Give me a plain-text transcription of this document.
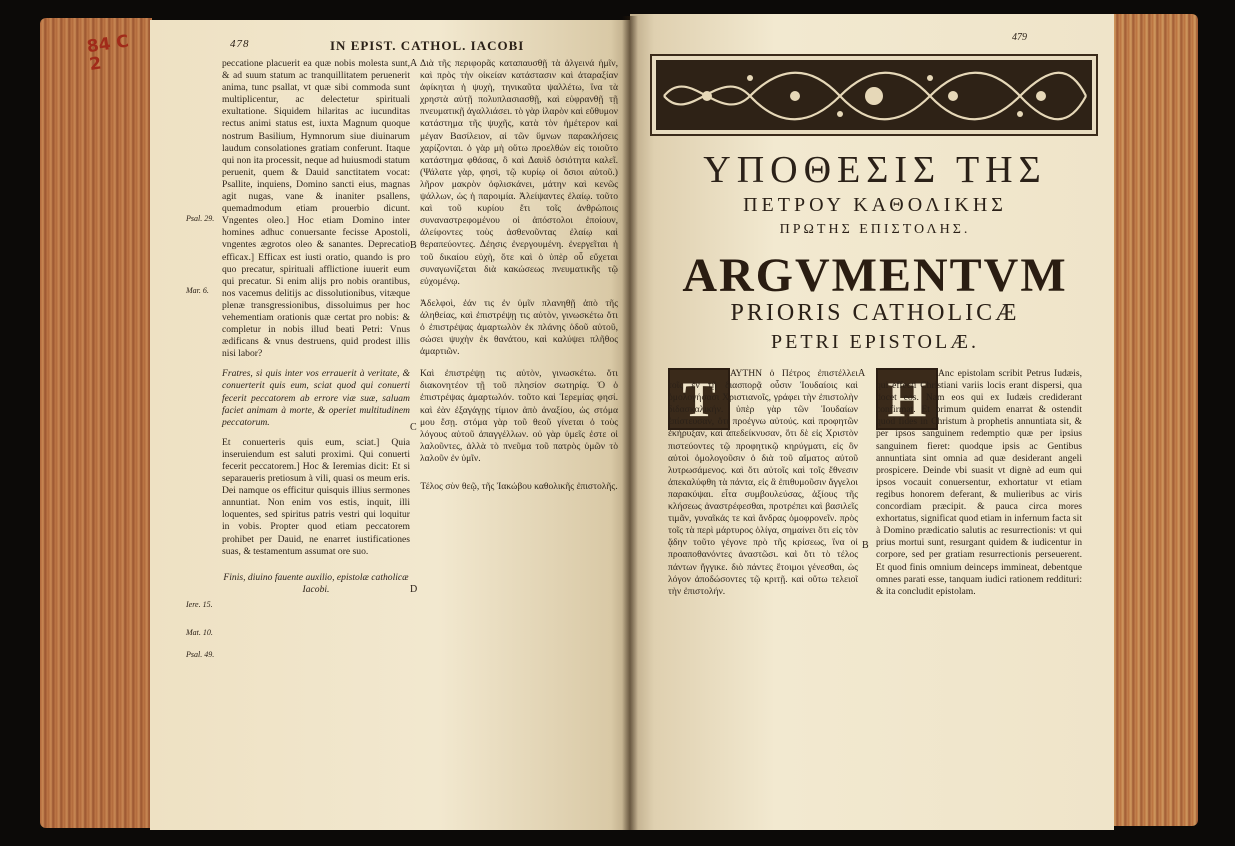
84 C
2
478	IN EPIST. CATHOL. IACOBI

peccatione placuerit ea quæ nobis molesta sunt, & ad suum statum ac tranquillitatem peruenerit anima, tunc psallat, vt quæ sibi commoda sunt multiplicentur, ac delectetur spirituali exultatione. Siquidem hilaritas ac iucunditas rectus animi status est, iuxta Magnum quoque nostrum Basilium, Hymnorum siue diuinarum laudum consolationes gratiam conferunt. Itaque qui non ita processit, neque ad huiusmodi statum peruenit, quem & Dauid sanctitatem vocat: Psallite, inquiens, Domino sancti eius, magnas agit nugas, vane & inaniter psallens, quemadmodum etiam prouerbio dicunt. Vngentes oleo.] Hoc etiam Domino inter homines adhuc conuersante fecisse Apostoli, vngentes ægrotos oleo & sanantes. Deprecatio efficax.] Efficax est iusti oratio, quando is pro quo precatur, spirituali afflictione iuuerit eum qui precatur. Si enim alijs pro nobis orantibus, nos vacemus delitijs ac dissolutionibus, vitæque plenæ transgressionibus, dissoluimus per hoc vehementiam orationis quæ certat pro nobis: & completur in nobis illud beati Petri: Vnus ædificans & vnus destruens, quid prodest illis nisi labor?

Fratres, si quis inter vos errauerit à veritate, & conuerterit quis eum, sciat quod qui conuerti fecerit peccatorem ab errore viæ suæ, saluam faciet animam à morte, & operiet multitudinem peccatorum.

Et conuerteris quis eum, sciat.] Quia inseruiendum est saluti proximi. Qui conuerti fecerit peccatorem.] Hoc & Ieremias dicit: Et si separaueris pretiosum à vili, quasi os meum eris. Dei namque os efficitur quisquis illius sermones annuntiat. Non enim vos estis, inquit, illi loquentes, sed spiritus patris vestri qui loquitur in vobis. Propter quod etiam peccatorem prohibet per Dauid, ne enarret iustificationes suas, & testamentum assumat ore suo.

Finis, diuino fauente auxilio, epistolæ catholicæ Iacobi.

Psal. 29.
Mar. 6.
Iere. 15.
Mat. 10.
Psal. 49.
A
B
C
D

Διὰ τῆς περιφορᾶς καταπαυσθῇ τὰ ἀλγεινά ἡμῖν, καὶ πρὸς τὴν οἰκείαν κατάστασιν καὶ ἀταραξίαν ἀφίκηται ἡ ψυχὴ, τηνικαῦτα ψαλλέτω, ἵνα τὰ χρηστὰ αὐτῇ πολυπλασιασθῇ, καὶ εὐφρανθῇ τῇ πνευματικῇ ἀγαλλιάσει. τὸ γὰρ ἱλαρὸν καὶ εὔθυμον κατάστημα τῆς ψυχῆς, κατὰ τὸν ἡμέτερον καὶ μέγαν Βασίλειον, αἱ τῶν ὕμνων παρακλήσεις χαρίζονται. ὁ γὰρ μὴ οὕτω προελθὼν εἰς τοιοῦτο κατάστημα φθάσας, ὃ καὶ Δαυὶδ ὁσιότητα καλεῖ. (Ψάλατε γὰρ, φησὶ, τῷ κυρίῳ οἱ ὅσιοι αὐτοῦ.) λῆρον μακρὸν ὀφλισκάνει, μάτην καὶ κενῶς ψάλλων, ὡς ἡ παροιμία. Ἀλείψαντες ἐλαίῳ. τοῦτο καὶ τοῦ κυρίου ἔτι τοῖς ἀνθρώποις συναναστρεφομένου οἱ ἀπόστολοι ἐποίουν, ἀλείφοντες τοὺς ἀσθενοῦντας ἐλαίῳ καὶ θεραπεύοντες. Δέησις ἐνεργουμένη. ἐνεργεῖται ἡ τοῦ δικαίου εὐχὴ, ὅτε καὶ ὁ ὑπὲρ οὗ εὔχεται συναγωνίζεται διὰ κακώσεως πνευματικῆς τῷ εὐχομένῳ.

Ἀδελφοὶ, ἐάν τις ἐν ὑμῖν πλανηθῇ ἀπὸ τῆς ἀληθείας, καὶ ἐπιστρέψῃ τις αὐτὸν, γινωσκέτω ὅτι ὁ ἐπιστρέψας ἁμαρτωλὸν ἐκ πλάνης ὁδοῦ αὐτοῦ, σώσει ψυχὴν ἐκ θανάτου, καὶ καλύψει πλῆθος ἁμαρτιῶν.

Καὶ ἐπιστρέψῃ τις αὐτὸν, γινωσκέτω. ὅτι διακονητέον τῇ τοῦ πλησίον σωτηρίᾳ. Ὁ ὁ ἐπιστρέψας ἁμαρτωλόν. τοῦτο καὶ Ἱερεμίας φησί. καὶ ἐὰν ἐξαγάγῃς τίμιον ἀπὸ ἀναξίου, ὡς στόμα μου ἔσῃ. στόμα γὰρ τοῦ θεοῦ γίνεται ὁ τοὺς λόγους αὐτοῦ ἀπαγγέλλων. οὐ γὰρ ὑμεῖς ἐστε οἱ λαλοῦντες, ἀλλὰ τὸ πνεῦμα τοῦ πατρὸς ὑμῶν τὸ λαλοῦν ἐν ὑμῖν.

Τέλος σὺν θεῷ, τῆς Ἰακώβου καθολικῆς ἐπιστολῆς.

479
ΥΠΟΘΕΣΙΣ ΤΗΣ
ΠΕΤΡΟΥ ΚΑΘΟΛΙΚΗΣ
ΠΡΩΤΗΣ ΕΠΙΣΤΟΛΗΣ.
ARGVMENTVM
PRIORIS CATHOLICÆ
PETRI EPISTOLÆ.
Τ	H
A
B

ΑΥΤΗΝ ὁ Πέτρος ἐπιστέλλει τοῖς ἐν τῇ διασπορᾷ οὖσιν Ἰουδαίοις καὶ ὁμολογήσασι Χριστιανοῖς, γράφει τὴν ἐπιστολὴν διδασκαλικήν. ὑπὲρ γὰρ τῶν Ἰουδαίων ἐπίστευσαν, ὅτι προέγνω αὐτούς. καὶ προφητῶν ἐκήρυξαν, καὶ ἀπεδείκνυσαν, ὅτι δὲ εἰς Χριστὸν πιστεύοντες τῷ προφητικῷ κηρύγματι, εἰς ὃν αὐτοὶ ὁμολογοῦσιν ὁ διὰ τοῦ αἵματος αὐτοῦ λυτρωσάμενος. καὶ ὅτι αὐτοῖς καὶ τοῖς ἔθνεσιν ἀπεκαλύφθη τὰ πάντα, εἰς ἃ ἐπιθυμοῦσιν ἄγγελοι παρακύψαι. εἶτα συμβουλεύσας, ἀξίους τῆς κλήσεως ἀναστρέφεσθαι, προτρέπει καὶ βασιλεῖς τιμᾶν, γυναῖκάς τε καὶ ἄνδρας ὁμοφρονεῖν. πρὸς τοῖς τὰ περὶ μάρτυρος ὀλίγα, σημαίνει ὅτι εἰς τὸν ᾅδην τοῦτο γέγονε πρὸ τῆς κρίσεως, ἵνα οἱ προαποθανόντες ἀναστῶσι. καὶ ὅτι τὸ τέλος πάντων ἤγγικε. διὸ πάντες ἕτοιμοι γένεσθαι, ὡς λόγον ἀποδώσοντες τῷ κριτῇ. καὶ οὕτω τελειοῖ τὴν ἐπιστολήν.

Anc epistolam scribit Petrus Iudæis, qui effecti Christiani variis locis erant dispersi, qua docet eos. Nam eos qui ex Iudæis crediderant confirmat. Et primum quidem enarrat & ostendit quod fides in Christum à prophetis annuntiata sit, & per ipsos sanguinem redemptio quæ per ipsius sanguinem fieret: quodque ipsis ac Gentibus annuntiata sint omnia ad quæ desiderant angeli prospicere. Deinde vbi suasit vt dignè ad eum qui ipsos vocauit conuersentur, exhortatur vt etiam regibus honorem deferant, & mulieribus ac viris concordiam præcipit. & pauca circa mores exhortatus, significat quod etiam in infernum facta sit à Domino prædicatio salutis ac resurrectionis: vt qui prius mortui sunt, resurgant quidem & iudicentur in corpore, sed per gratiam resurrectionis perseuerent. Et quod finis omnium deinceps immineat, debentque omnes parati esse, tanquam iudici rationem reddituri: & ita concludit epistolam.
